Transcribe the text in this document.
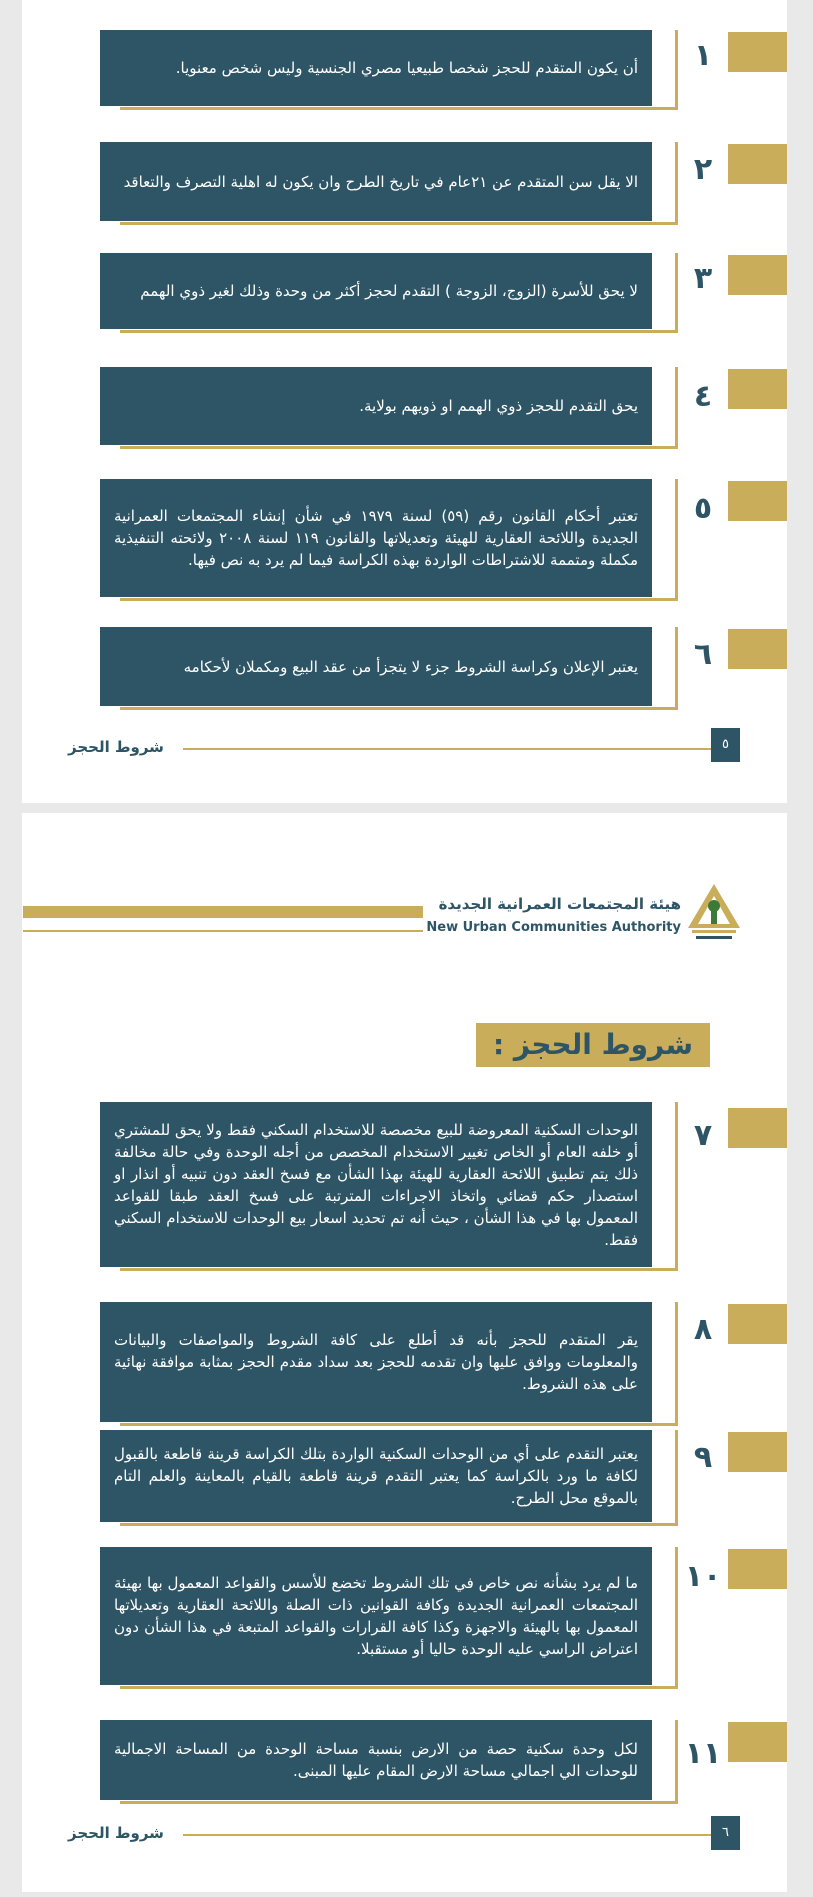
أن يكون المتقدم للحجز شخصا طبيعيا مصري الجنسية وليس شخص معنويا.	١
الا يقل سن المتقدم عن ٢١عام في تاريخ الطرح وان يكون له اهلية التصرف والتعاقد	٢
لا يحق للأسرة (الزوج، الزوجة ) التقدم لحجز أكثر من وحدة وذلك لغير ذوي الهمم	٣
يحق التقدم للحجز ذوي الهمم او ذويهم بولاية.	٤
تعتبر أحكام القانون رقم (٥٩) لسنة ١٩٧٩ في شأن إنشاء المجتمعات العمرانية الجديدة واللائحة العقارية للهيئة وتعديلاتها والقانون ١١٩ لسنة ٢٠٠٨ ولائحته التنفيذية مكملة ومتممة للاشتراطات الواردة بهذه الكراسة فيما لم يرد به نص فيها.
٥
يعتبر الإعلان وكراسة الشروط جزء لا يتجزأ من عقد البيع ومكملان لأحكامه	٦
شروط الحجز	٥
هيئة المجتمعات العمرانية الجديدة
New Urban Communities Authority
شروط الحجز :
الوحدات السكنية المعروضة للبيع مخصصة للاستخدام السكني فقط ولا يحق للمشتري أو خلفه العام أو الخاص تغيير الاستخدام المخصص من أجله الوحدة وفي حالة مخالفة ذلك يتم تطبيق اللائحة العقارية للهيئة بهذا الشأن مع فسخ العقد دون تنبيه أو انذار او استصدار حكم قضائي واتخاذ الاجراءات المترتبة على فسخ العقد طبقا للقواعد المعمول بها في هذا الشأن ، حيث أنه تم تحديد اسعار بيع الوحدات للاستخدام السكني فقط.
٧
يقر المتقدم للحجز بأنه قد أطلع على كافة الشروط والمواصفات والبيانات والمعلومات ووافق عليها وان تقدمه للحجز بعد سداد مقدم الحجز بمثابة موافقة نهائية على هذه الشروط.
٨
يعتبر التقدم على أي من الوحدات السكنية الواردة بتلك الكراسة قرينة قاطعة بالقبول لكافة ما ورد بالكراسة كما يعتبر التقدم قرينة قاطعة بالقيام بالمعاينة والعلم التام بالموقع محل الطرح.
٩
ما لم يرد بشأنه نص خاص في تلك الشروط تخضع للأسس والقواعد المعمول بها بهيئة المجتمعات العمرانية الجديدة وكافة القوانين ذات الصلة واللائحة العقارية وتعديلاتها المعمول بها بالهيئة والاجهزة وكذا كافة القرارات والقواعد المتبعة في هذا الشأن دون اعتراض الراسي عليه الوحدة حاليا أو مستقبلا.
١٠
لكل وحدة سكنية حصة من الارض بنسبة مساحة الوحدة من المساحة الاجمالية للوحدات الي اجمالي مساحة الارض المقام عليها المبنى. ١١
شروط الحجز	٦
